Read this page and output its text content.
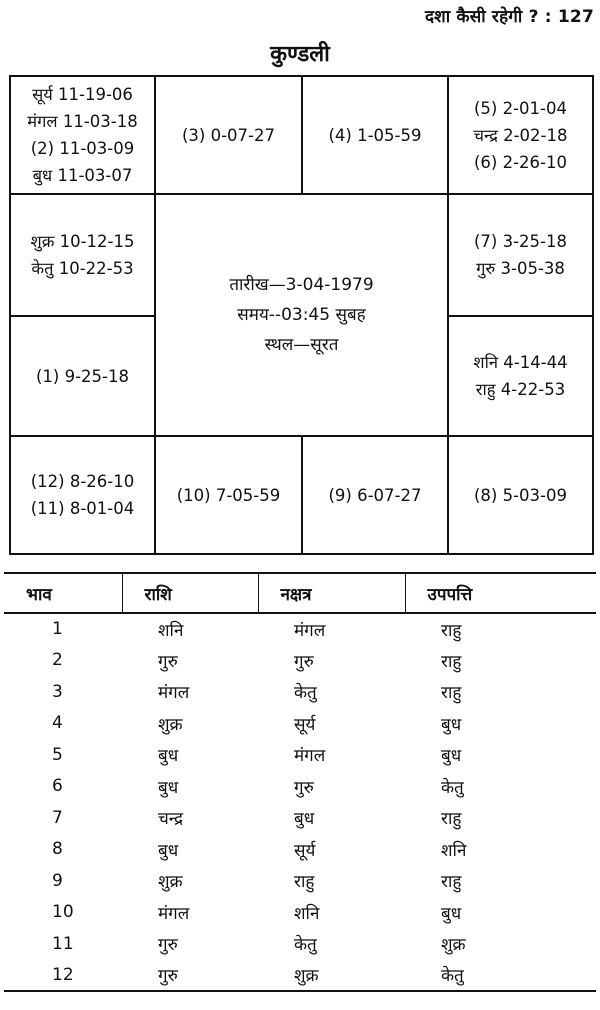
दशा कैसी रहेगी ? : 127
कुण्डली
सूर्य 11-19-06
मंगल 11-03-18
(2) 11-03-09
बुध 11-03-07
(3) 0-07-27	(4) 1-05-59
(5) 2-01-04
चन्द्र 2-02-18
(6) 2-26-10
शुक्र 10-12-15
केतु 10-22-53
(7) 3-25-18
गुरु 3-05-38
(1) 9-25-18
शनि 4-14-44
राहु 4-22-53
(12) 8-26-10
(11) 8-01-04
(10) 7-05-59	(9) 6-07-27	(8) 5-03-09
तारीख—3-04-1979
समय--03:45 सुबह
स्थल—सूरत
भाव	राशि	नक्षत्र	उपपत्ति
1	शनि	मंगल	राहु
2	गुरु	गुरु	राहु
3	मंगल	केतु	राहु
4	शुक्र	सूर्य	बुध
5	बुध	मंगल	बुध
6	बुध	गुरु	केतु
7	चन्द्र	बुध	राहु
8	बुध	सूर्य	शनि
9	शुक्र	राहु	राहु
10	मंगल	शनि	बुध
11	गुरु	केतु	शुक्र
12	गुरु	शुक्र	केतु
